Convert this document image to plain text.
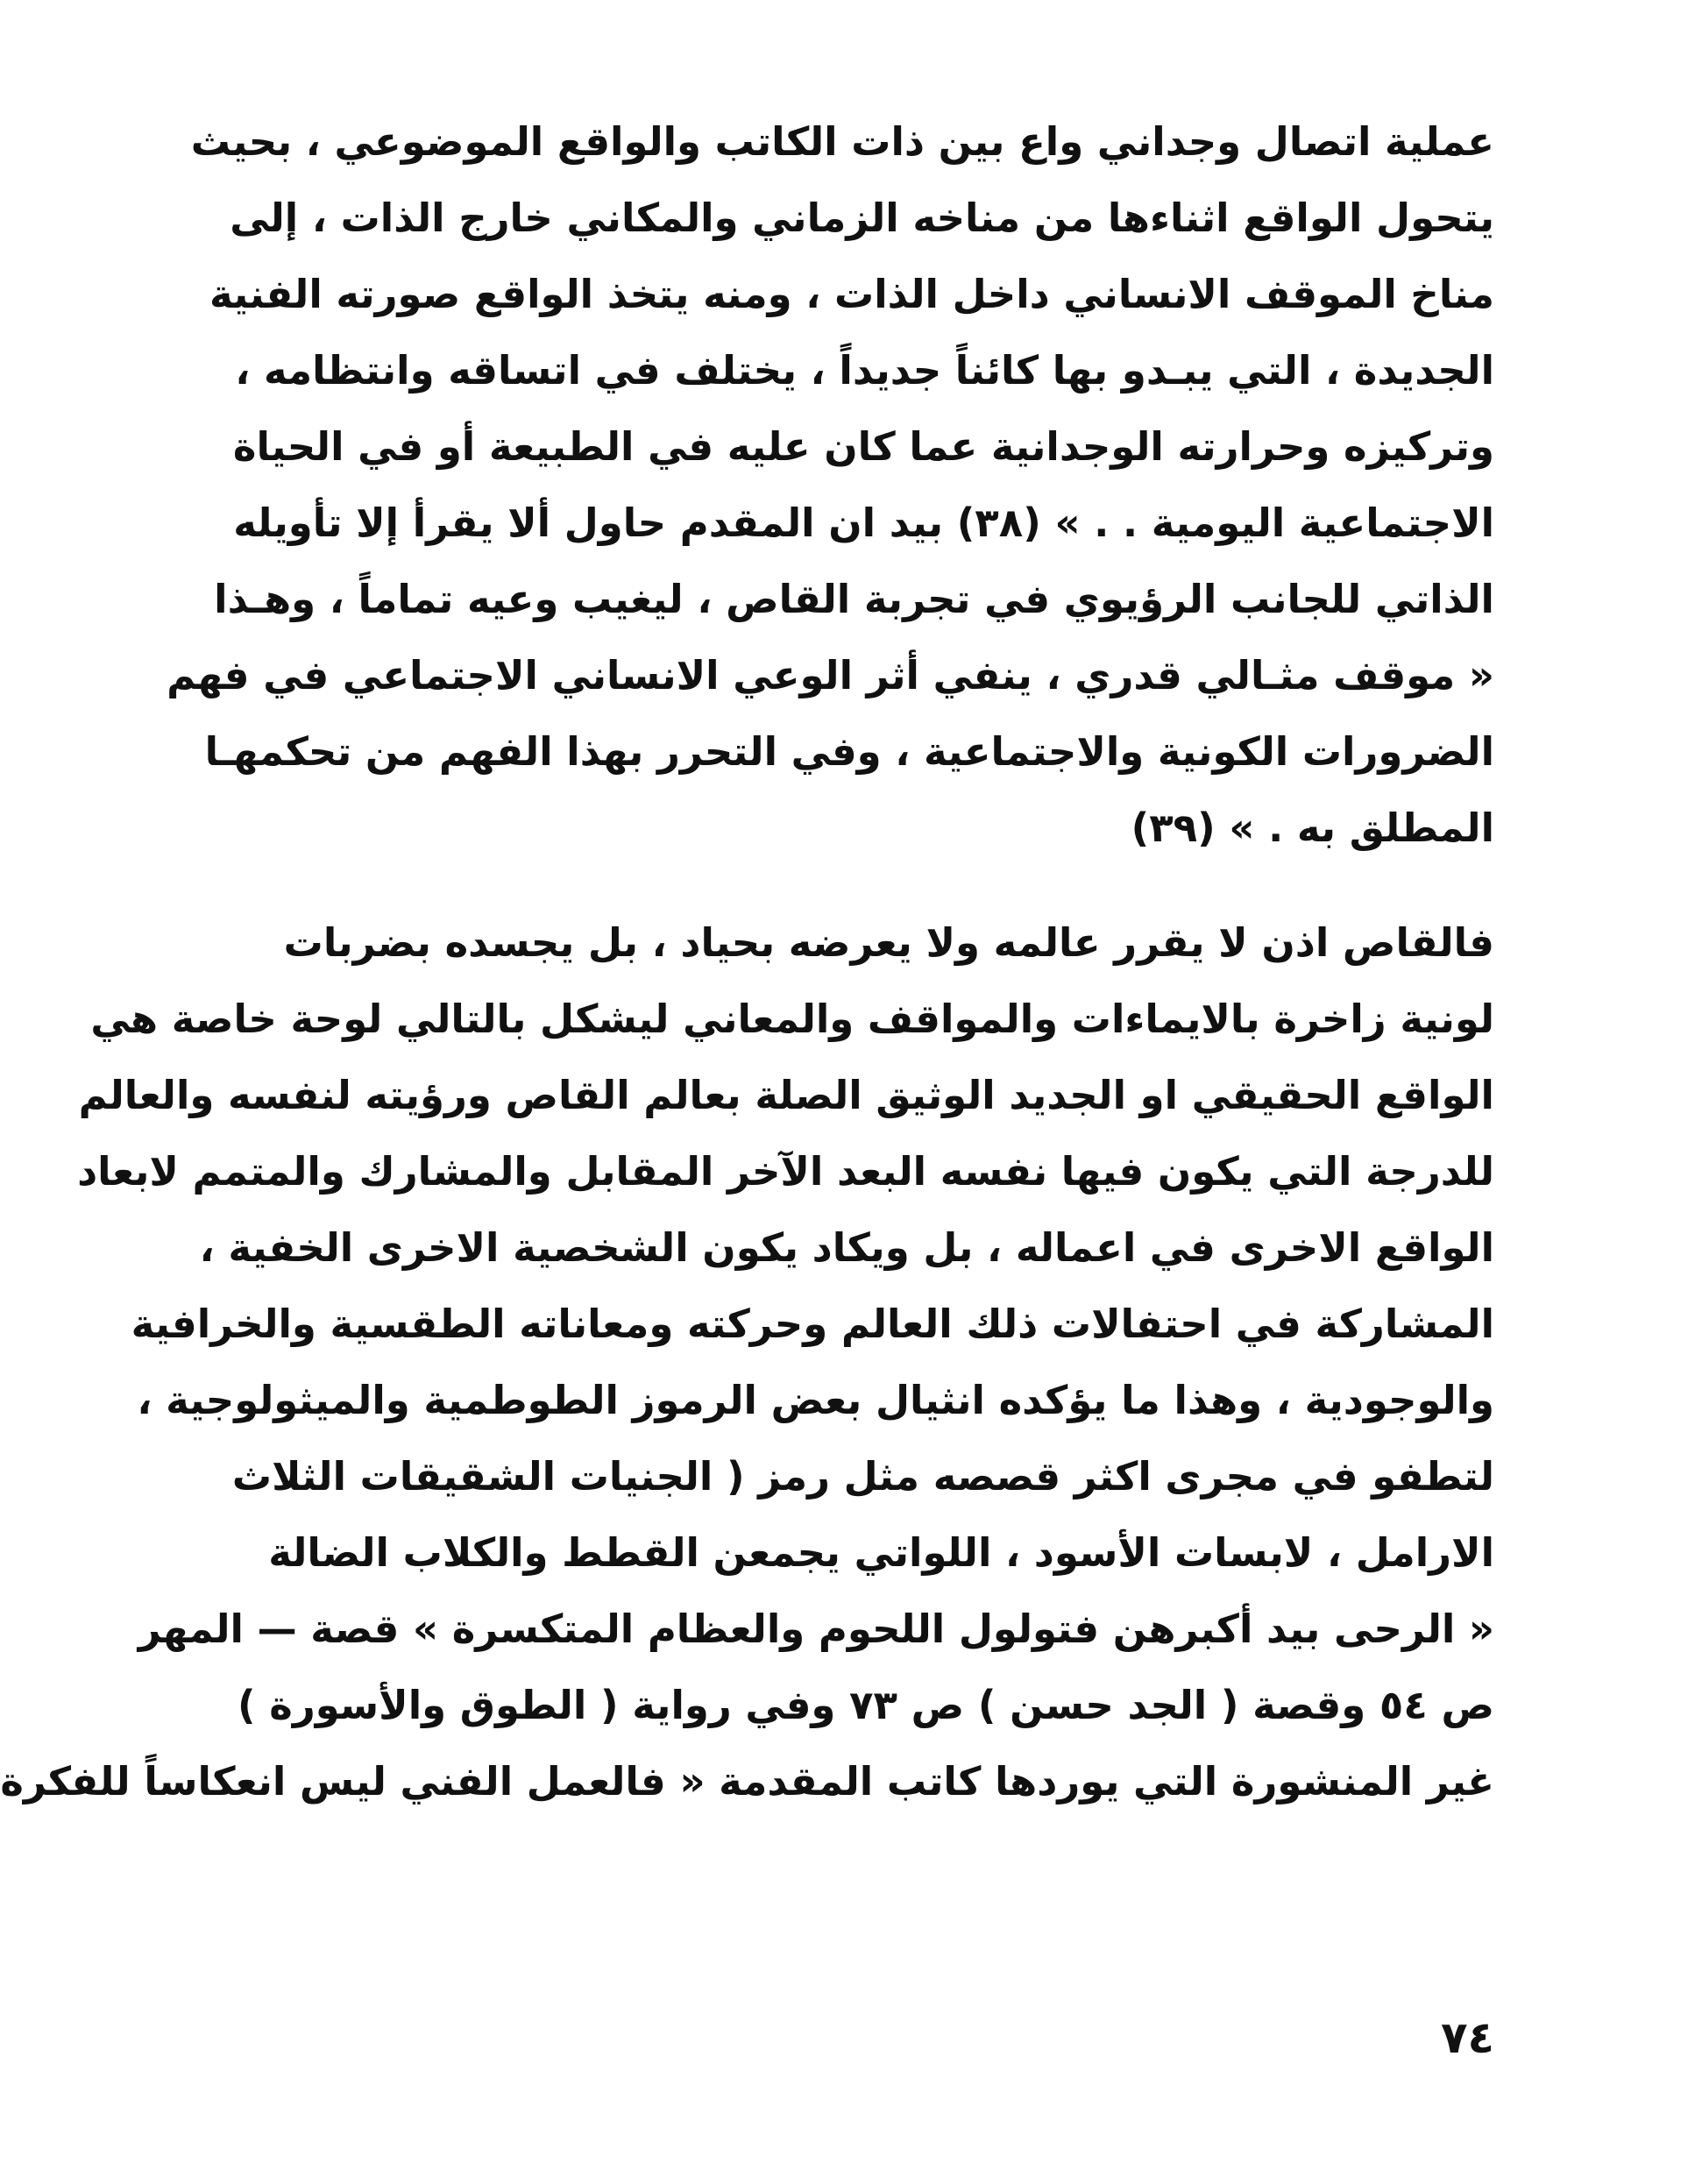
عملية اتصال وجداني واع بين ذات الكاتب والواقع الموضوعي ، بحيث
يتحول الواقع اثناءها من مناخه الزماني والمكاني خارج الذات ، إلى
مناخ الموقف الانساني داخل الذات ، ومنه يتخذ الواقع صورته الفنية
الجديدة ، التي يبـدو بها كائناً جديداً ، يختلف في اتساقه وانتظامه ،
وتركيزه وحرارته الوجدانية عما كان عليه في الطبيعة أو في الحياة
الاجتماعية اليومية . . » (٣٨) بيد ان المقدم حاول ألا يقرأ إلا تأويله
الذاتي للجانب الرؤيوي في تجربة القاص ، ليغيب وعيه تماماً ، وهـذا
« موقف مثـالي قدري ، ينفي أثر الوعي الانساني الاجتماعي في فهم
الضرورات الكونية والاجتماعية ، وفي التحرر بهذا الفهم من تحكمهـا
المطلق به . » (٣٩)
فالقاص اذن لا يقرر عالمه ولا يعرضه بحياد ، بل يجسده بضربات
لونية زاخرة بالايماءات والمواقف والمعاني ليشكل بالتالي لوحة خاصة هي
الواقع الحقيقي او الجديد الوثيق الصلة بعالم القاص ورؤيته لنفسه والعالم
للدرجة التي يكون فيها نفسه البعد الآخر المقابل والمشارك والمتمم لابعاد
الواقع الاخرى في اعماله ، بل ويكاد يكون الشخصية الاخرى الخفية ،
المشاركة في احتفالات ذلك العالم وحركته ومعاناته الطقسية والخرافية
والوجودية ، وهذا ما يؤكده انثيال بعض الرموز الطوطمية والميثولوجية ،
لتطفو في مجرى اكثر قصصه مثل رمز ( الجنيات الشقيقات الثلاث
الارامل ، لابسات الأسود ، اللواتي يجمعن القطط والكلاب الضالة
« الرحى بيد أكبرهن فتولول اللحوم والعظام المتكسرة » قصة — المهر
ص ٥٤ وقصة ( الجد حسن ) ص ٧٣ وفي رواية ( الطوق والأسورة )
غير المنشورة التي يوردها كاتب المقدمة « فالعمل الفني ليس انعكاساً للفكرة
٧٤
